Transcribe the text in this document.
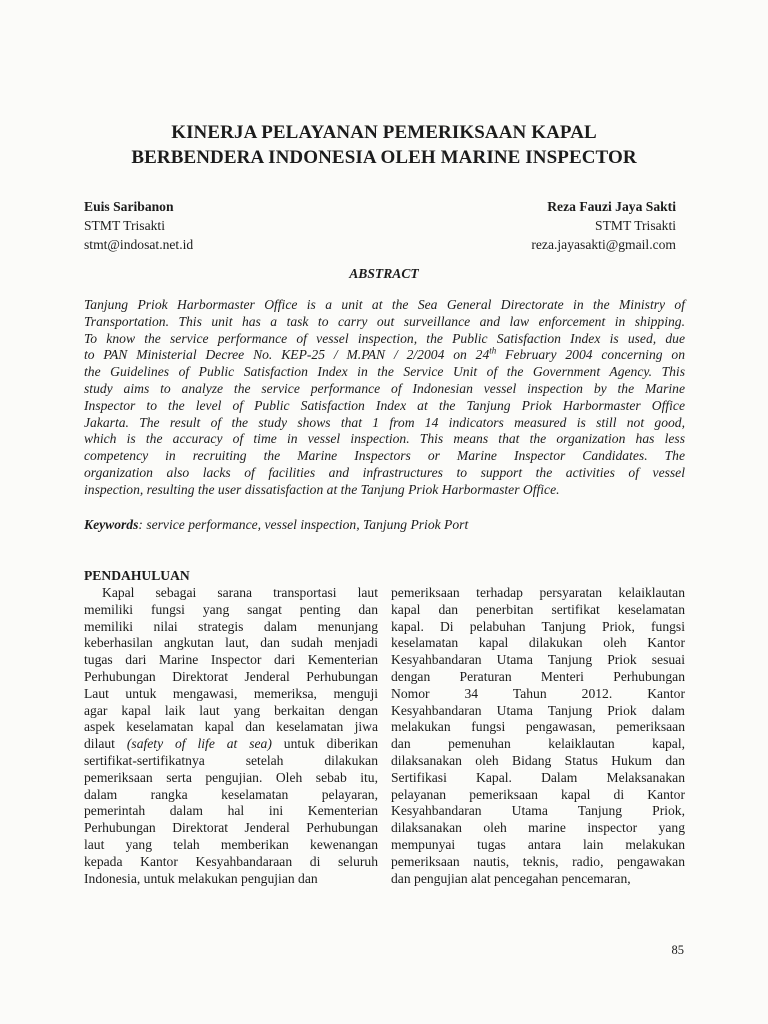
KINERJA PELAYANAN PEMERIKSAAN KAPAL
BERBENDERA INDONESIA OLEH MARINE INSPECTOR
Euis Saribanon
STMT Trisakti
stmt@indosat.net.id
Reza Fauzi Jaya Sakti
STMT Trisakti
reza.jayasakti@gmail.com
ABSTRACT
Tanjung Priok Harbormaster Office is a unit at the Sea General Directorate in the Ministry of
Transportation. This unit has a task to carry out surveillance and law enforcement in shipping.
To know the service performance of vessel inspection, the Public Satisfaction Index is used, due
to PAN Ministerial Decree No. KEP-25 / M.PAN / 2/2004 on 24th February 2004 concerning on
the Guidelines of Public Satisfaction Index in the Service Unit of the Government Agency. This
study aims to analyze the service performance of Indonesian vessel inspection by the Marine
Inspector to the level of Public Satisfaction Index at the Tanjung Priok Harbormaster Office
Jakarta. The result of the study shows that 1 from 14 indicators measured is still not good,
which is the accuracy of time in vessel inspection. This means that the organization has less
competency in recruiting the Marine Inspectors or Marine Inspector Candidates. The
organization also lacks of facilities and infrastructures to support the activities of vessel
inspection, resulting the user dissatisfaction at the Tanjung Priok Harbormaster Office.
Keywords: service performance, vessel inspection, Tanjung Priok Port
PENDAHULUAN
Kapal sebagai sarana transportasi laut
memiliki fungsi yang sangat penting dan
memiliki nilai strategis dalam menunjang
keberhasilan angkutan laut, dan sudah menjadi
tugas dari Marine Inspector dari Kementerian
Perhubungan Direktorat Jenderal Perhubungan
Laut untuk mengawasi, memeriksa, menguji
agar kapal laik laut yang berkaitan dengan
aspek keselamatan kapal dan keselamatan jiwa
dilaut (safety of life at sea) untuk diberikan
sertifikat-sertifikatnya setelah dilakukan
pemeriksaan serta pengujian. Oleh sebab itu,
dalam rangka keselamatan pelayaran,
pemerintah dalam hal ini Kementerian
Perhubungan Direktorat Jenderal Perhubungan
laut yang telah memberikan kewenangan
kepada Kantor Kesyahbandaraan di seluruh
Indonesia, untuk melakukan pengujian dan
pemeriksaan terhadap persyaratan kelaiklautan
kapal dan penerbitan sertifikat keselamatan
kapal. Di pelabuhan Tanjung Priok, fungsi
keselamatan kapal dilakukan oleh Kantor
Kesyahbandaran Utama Tanjung Priok sesuai
dengan Peraturan Menteri Perhubungan
Nomor 34 Tahun 2012. Kantor
Kesyahbandaran Utama Tanjung Priok dalam
melakukan fungsi pengawasan, pemeriksaan
dan pemenuhan kelaiklautan kapal,
dilaksanakan oleh Bidang Status Hukum dan
Sertifikasi Kapal. Dalam Melaksanakan
pelayanan pemeriksaan kapal di Kantor
Kesyahbandaran Utama Tanjung Priok,
dilaksanakan oleh marine inspector yang
mempunyai tugas antara lain melakukan
pemeriksaan nautis, teknis, radio, pengawakan
dan pengujian alat pencegahan pencemaran,
85
